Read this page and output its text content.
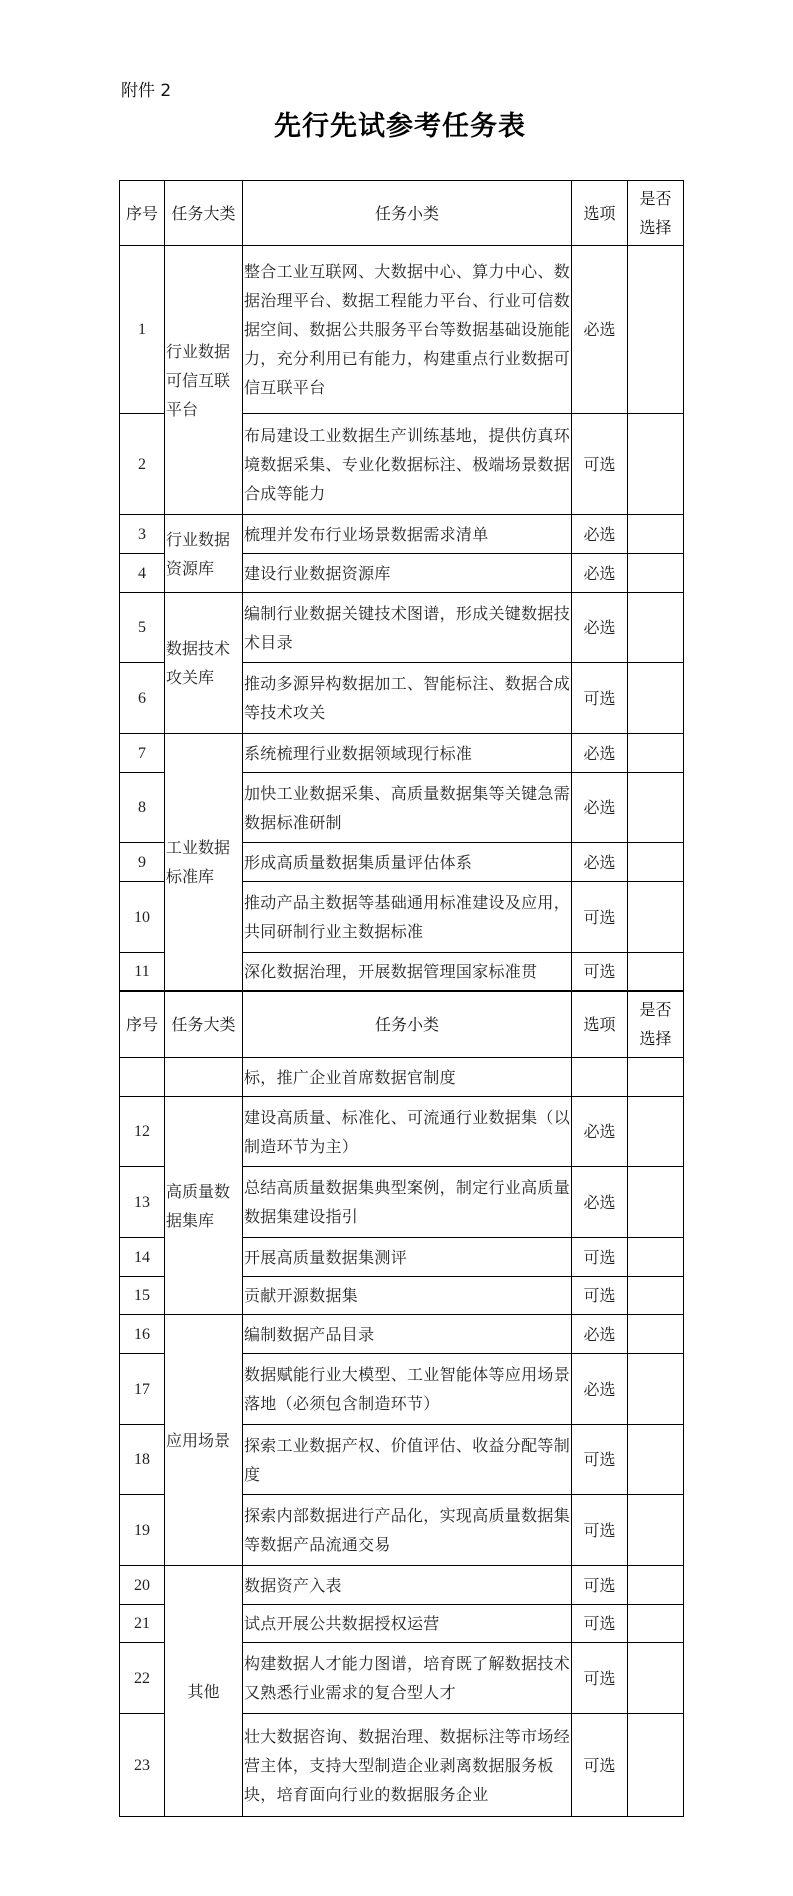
附件 2
先行先试参考任务表
序号	任务大类	任务小类	选项	是否选择
1	行业数据可信互联平台	整合工业互联网、大数据中心、算力中心、数据治理平台、数据工程能力平台、行业可信数据空间、数据公共服务平台等数据基础设施能力，充分利用已有能力，构建重点行业数据可信互联平台	必选	
2		布局建设工业数据生产训练基地，提供仿真环境数据采集、专业化数据标注、极端场景数据合成等能力	可选	
3	行业数据资源库	梳理并发布行业场景数据需求清单	必选	
4		建设行业数据资源库	必选	
5	数据技术攻关库	编制行业数据关键技术图谱，形成关键数据技术目录	必选	
6		推动多源异构数据加工、智能标注、数据合成等技术攻关	可选	
7	工业数据标准库	系统梳理行业数据领域现行标准	必选	
8		加快工业数据采集、高质量数据集等关键急需数据标准研制	必选	
9		形成高质量数据集质量评估体系	必选	
10		推动产品主数据等基础通用标准建设及应用，共同研制行业主数据标准	可选	
11		深化数据治理，开展数据管理国家标准贯	可选	
序号	任务大类	任务小类	选项	是否选择
		标，推广企业首席数据官制度		
12	高质量数据集库	建设高质量、标准化、可流通行业数据集（以制造环节为主）	必选	
13		总结高质量数据集典型案例，制定行业高质量数据集建设指引	必选	
14		开展高质量数据集测评	可选	
15		贡献开源数据集	可选	
16	应用场景	编制数据产品目录	必选	
17		数据赋能行业大模型、工业智能体等应用场景落地（必须包含制造环节）	必选	
18		探索工业数据产权、价值评估、收益分配等制度	可选	
19		探索内部数据进行产品化，实现高质量数据集等数据产品流通交易	可选	
20	其他	数据资产入表	可选	
21		试点开展公共数据授权运营	可选	
22		构建数据人才能力图谱，培育既了解数据技术又熟悉行业需求的复合型人才	可选	
23		壮大数据咨询、数据治理、数据标注等市场经营主体，支持大型制造企业剥离数据服务板块，培育面向行业的数据服务企业	可选	
